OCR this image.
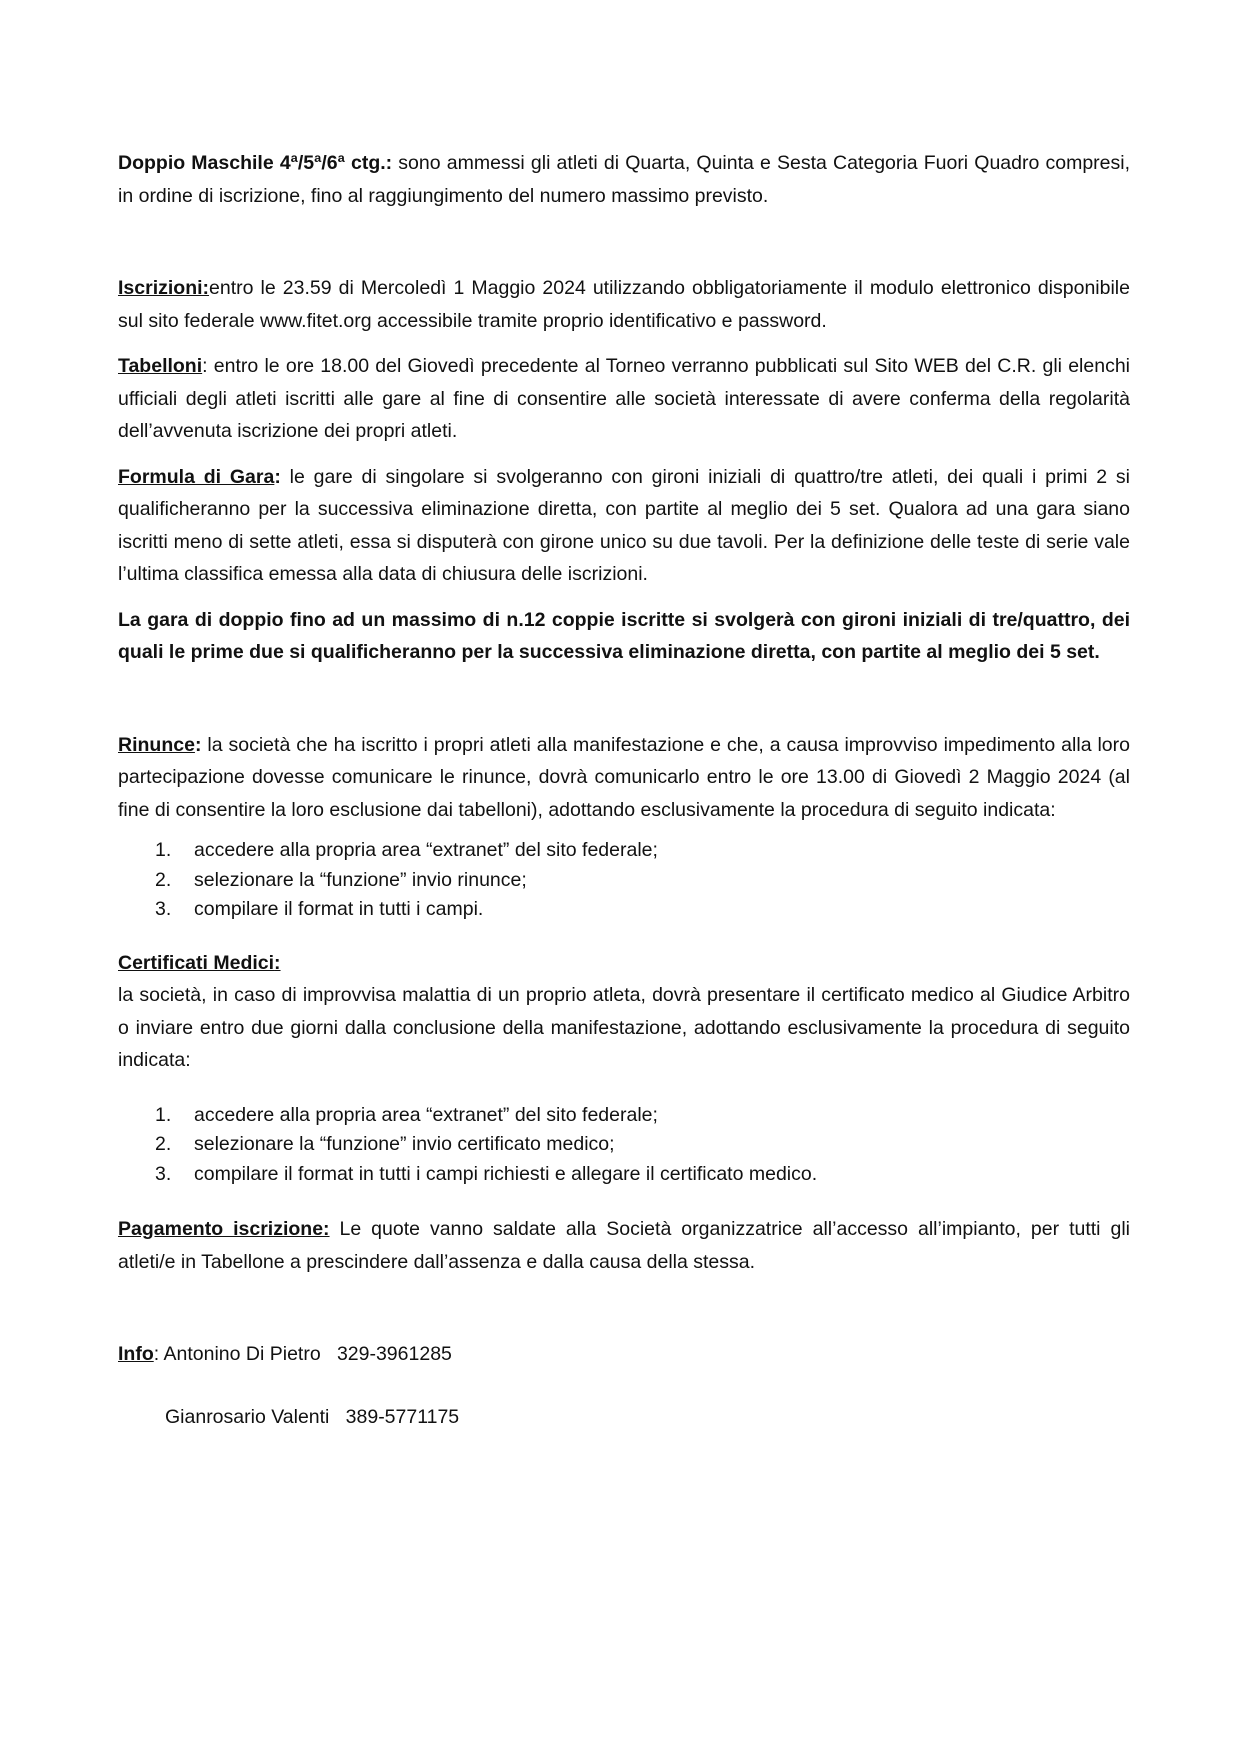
Doppio Maschile 4ª/5ª/6ª ctg.: sono ammessi gli atleti di Quarta, Quinta e Sesta Categoria Fuori Quadro compresi, in ordine di iscrizione, fino al raggiungimento del numero massimo previsto.

Iscrizioni:entro le 23.59 di Mercoledì 1 Maggio 2024 utilizzando obbligatoriamente il modulo elettronico disponibile sul sito federale www.fitet.org accessibile tramite proprio identificativo e password.

Tabelloni: entro le ore 18.00 del Giovedì precedente al Torneo verranno pubblicati sul Sito WEB del C.R. gli elenchi ufficiali degli atleti iscritti alle gare al fine di consentire alle società interessate di avere conferma della regolarità dell’avvenuta iscrizione dei propri atleti.

Formula di Gara: le gare di singolare si svolgeranno con gironi iniziali di quattro/tre atleti, dei quali i primi 2 si qualificheranno per la successiva eliminazione diretta, con partite al meglio dei 5 set. Qualora ad una gara siano iscritti meno di sette atleti, essa si disputerà con girone unico su due tavoli. Per la definizione delle teste di serie vale l’ultima classifica emessa alla data di chiusura delle iscrizioni.

La gara di doppio fino ad un massimo di n.12 coppie iscritte si svolgerà con gironi iniziali di tre/quattro, dei quali le prime due si qualificheranno per la successiva eliminazione diretta, con partite al meglio dei 5 set.

Rinunce: la società che ha iscritto i propri atleti alla manifestazione e che, a causa improvviso impedimento alla loro partecipazione dovesse comunicare le rinunce, dovrà comunicarlo entro le ore 13.00 di Giovedì 2 Maggio 2024 (al fine di consentire la loro esclusione dai tabelloni), adottando esclusivamente la procedura di seguito indicata:

1. accedere alla propria area “extranet” del sito federale;
2. selezionare la “funzione” invio rinunce;
3. compilare il format in tutti i campi.

Certificati Medici:

la società, in caso di improvvisa malattia di un proprio atleta, dovrà presentare il certificato medico al Giudice Arbitro o inviare entro due giorni dalla conclusione della manifestazione, adottando esclusivamente la procedura di seguito indicata:

1. accedere alla propria area “extranet” del sito federale;
2. selezionare la “funzione” invio certificato medico;
3. compilare il format in tutti i campi richiesti e allegare il certificato medico.

Pagamento iscrizione: Le quote vanno saldate alla Società organizzatrice all’accesso all’impianto, per tutti gli atleti/e in Tabellone a prescindere dall’assenza e dalla causa della stessa.

Info: Antonino Di Pietro 329-3961285

Gianrosario Valenti 389-5771175
